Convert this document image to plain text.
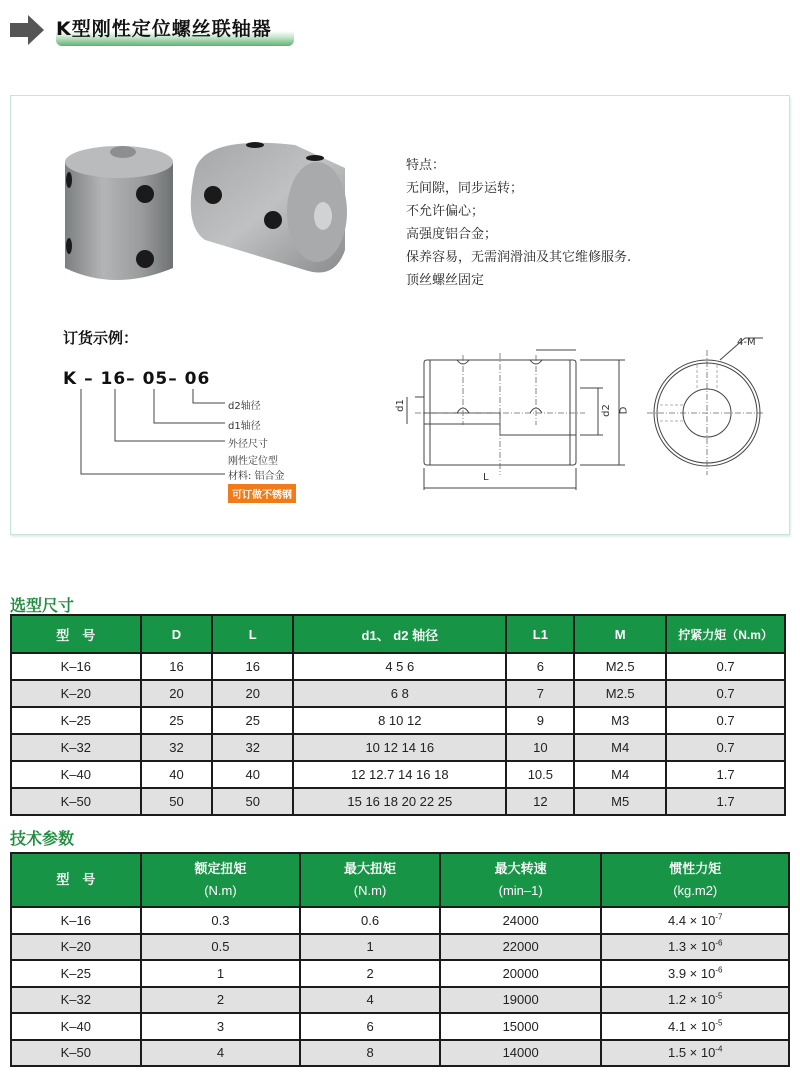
K型刚性定位螺丝联轴器
特点：
无间隙，同步运转；
不允许偏心；
高强度铝合金；
保养容易，无需润滑油及其它维修服务.
顶丝螺丝固定
订货示例：
K – 16– 05– 06
d2轴径
d1轴径
外径尺寸
刚性定位型
材料: 铝合金
可订做不锈钢
d1	d2 D
L
4-M
选型尺寸
型　号	D	L	d1、 d2 轴径	L1	M	拧紧力矩（N.m）
K–16	16	16	4 5 6	6	M2.5	0.7
K–20	20	20	6 8	7	M2.5	0.7
K–25	25	25	8 10 12	9	M3	0.7
K–32	32	32	10 12 14 16	10	M4	0.7
K–40	40	40	12 12.7 14 16 18	10.5	M4	1.7
K–50	50	50	15 16 18 20 22 25	12	M5	1.7
技术参数
型　号	
额定扭矩
(N.m)

最大扭矩
(N.m)

最大转速
(min–1)

惯性力矩
(kg.m2)

K–16	0.3	0.6	24000	$4.4 \times 10^{-7}$
K–20	0.5	1	22000	$1.3 \times 10^{-6}$
K–25	1	2	20000	$3.9 \times 10^{-6}$
K–32	2	4	19000	$1.2 \times 10^{-5}$
K–40	3	6	15000	$4.1 \times 10^{-5}$
K–50	4	8	14000	$1.5 \times 10^{-4}$
